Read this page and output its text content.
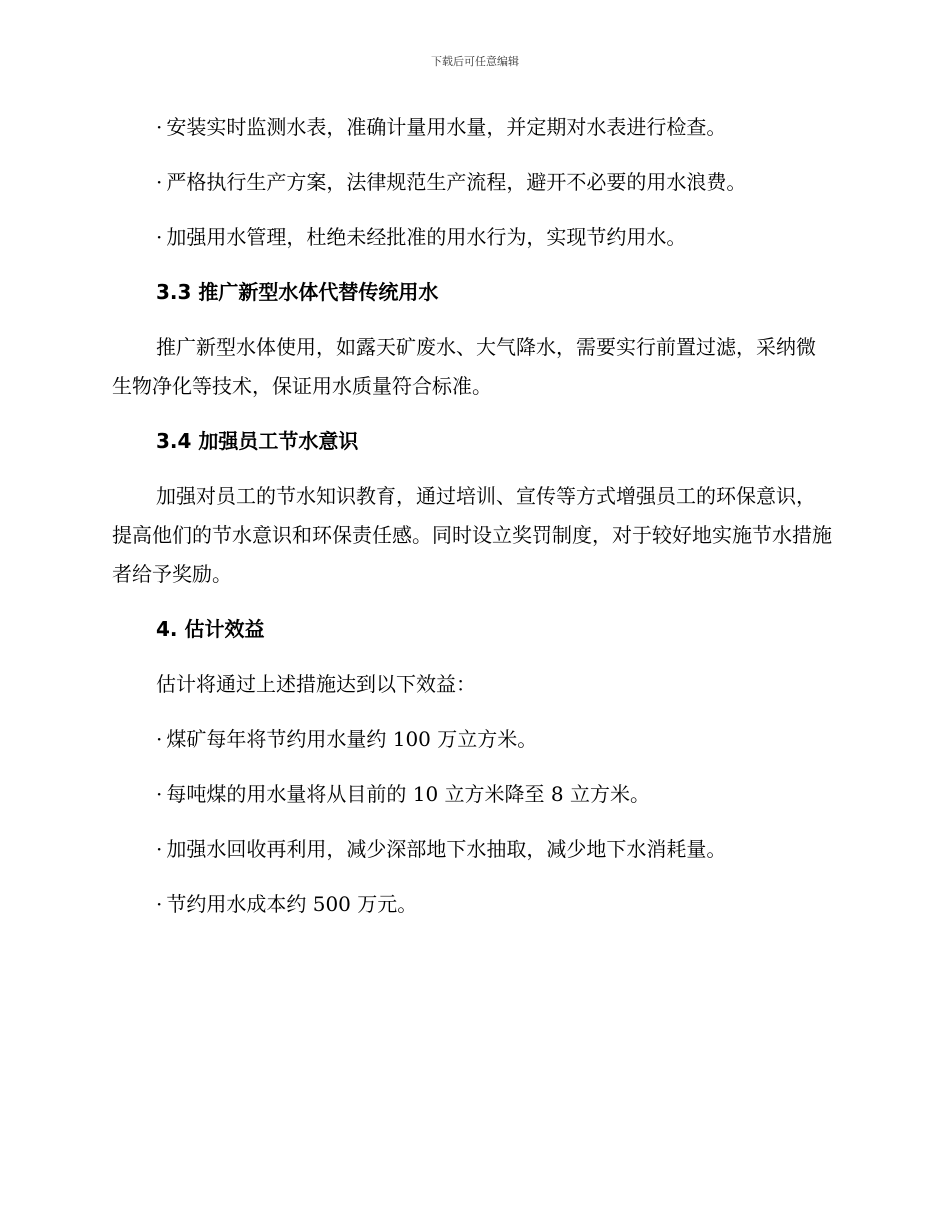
下载后可任意编辑

· 安装实时监测水表，准确计量用水量，并定期对水表进行检查。

· 严格执行生产方案，法律规范生产流程，避开不必要的用水浪费。

· 加强用水管理，杜绝未经批准的用水行为，实现节约用水。

3.3 推广新型水体代替传统用水

推广新型水体使用，如露天矿废水、大气降水，需要实行前置过滤，采纳微生物净化等技术，保证用水质量符合标准。

3.4 加强员工节水意识

加强对员工的节水知识教育，通过培训、宣传等方式增强员工的环保意识，提高他们的节水意识和环保责任感。同时设立奖罚制度，对于较好地实施节水措施者给予奖励。

4. 估计效益

估计将通过上述措施达到以下效益：

· 煤矿每年将节约用水量约 100 万立方米。

· 每吨煤的用水量将从目前的 10 立方米降至 8 立方米。

· 加强水回收再利用，减少深部地下水抽取，减少地下水消耗量。

· 节约用水成本约 500 万元。
